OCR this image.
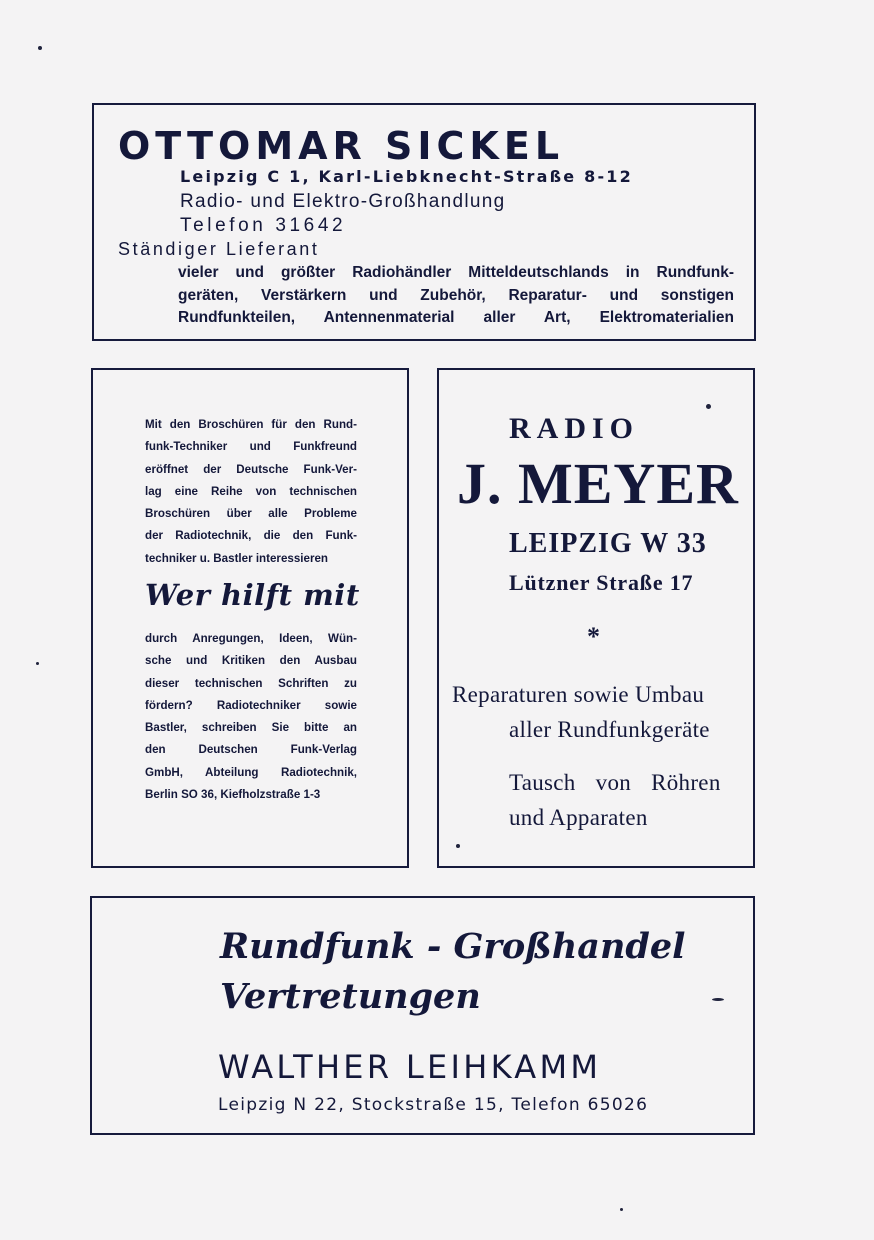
OTTOMAR SICKEL
Leipzig C 1, Karl-Liebknecht-Straße 8-12
Radio- und Elektro-Großhandlung
Telefon 31642
Ständiger Lieferant
vieler und größter Radiohändler Mitteldeutschlands in Rundfunk-
geräten, Verstärkern und Zubehör, Reparatur- und sonstigen
Rundfunkteilen, Antennenmaterial aller Art, Elektromaterialien
Mit den Broschüren für den Rund-
funk-Techniker und Funkfreund
eröffnet der Deutsche Funk-Ver-
lag eine Reihe von technischen
Broschüren über alle Probleme
der Radiotechnik, die den Funk-
techniker u. Bastler interessieren
Wer hilft mit
durch Anregungen, Ideen, Wün-
sche und Kritiken den Ausbau
dieser technischen Schriften zu
fördern? Radiotechniker sowie
Bastler, schreiben Sie bitte an
den Deutschen Funk-Verlag
GmbH, Abteilung Radiotechnik,
Berlin SO 36, Kiefholzstraße 1-3
RADIO
J. MEYER
LEIPZIG W 33
Lützner Straße 17
*
Reparaturen sowie Umbau
aller Rundfunkgeräte
Tausch von Röhren
und Apparaten
Rundfunk - Großhandel
Vertretungen
WALTHER LEIHKAMM
Leipzig N 22, Stockstraße 15, Telefon 65026
